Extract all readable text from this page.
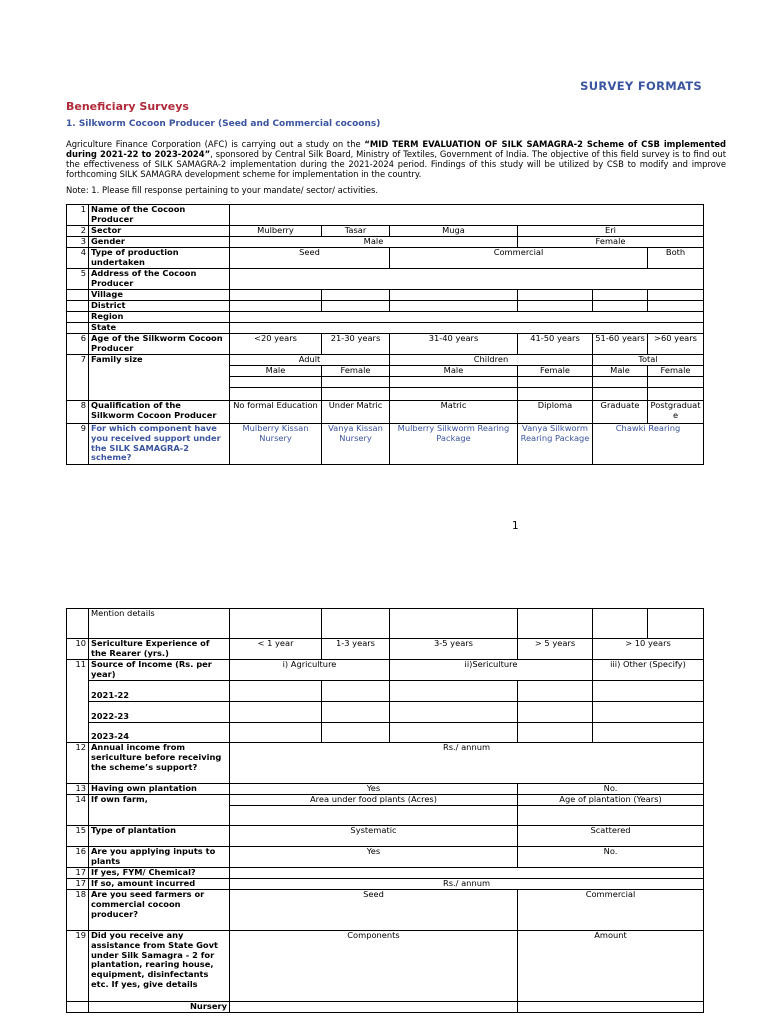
SURVEY FORMATS
Beneficiary Surveys
1. Silkworm Cocoon Producer (Seed and Commercial cocoons)
Agriculture Finance Corporation (AFC) is carrying out a study on the “MID TERM EVALUATION OF SILK SAMAGRA-2 Scheme of CSB implemented during 2021-22 to 2023-2024”, sponsored by Central Silk Board, Ministry of Textiles, Government of India. The objective of this field survey is to find out the effectiveness of SILK SAMAGRA-2 implementation during the 2021-2024 period. Findings of this study will be utilized by CSB to modify and improve forthcoming SILK SAMAGRA development scheme for implementation in the country.
Note: 1. Please fill response pertaining to your mandate/ sector/ activities.
1	Name of the Cocoon Producer						
2	Sector	Mulberry	Tasar	Muga	Eri		
3	Gender	Male			Female		
4	Type of production undertaken	Seed		Commercial			Both
5	Address of the Cocoon Producer						
	Village						
	District						
	Region						
	State						
6	Age of the Silkworm Cocoon Producer	<20 years	21-30 years	31-40 years	41-50 years	51-60 years	>60 years
7	Family size	Adult		Children		Total	
		Male	Female	Male	Female	Male	Female

8	Qualification of the Silkworm Cocoon Producer	No formal Education	Under Matric	Matric	Diploma	Graduate	Postgraduate
9	For which component have you received support under the SILK SAMAGRA-2 scheme?	Mulberry Kissan Nursery	Vanya Kissan Nursery	Mulberry Silkworm Rearing Package	Vanya Silkworm Rearing Package	Chawki Rearing	
1
	Mention details						
10	Sericulture Experience of the Rearer (yrs.)	< 1 year	1-3 years	3-5 years	> 5 years	> 10 years	
11	Source of Income (Rs. per year)	i) Agriculture		ii)Sericulture		iii) Other (Specify)	
	2021-22						
	2022-23						
	2023-24						
12	Annual income from sericulture before receiving the scheme’s support?	Rs./ annum					
13	Having own plantation	Yes			No.		
14	If own farm,	Area under food plants (Acres)			Age of plantation (Years)		

15	Type of plantation	Systematic			Scattered		
16	Are you applying inputs to plants	Yes			No.		
17	If yes, FYM/ Chemical?						
17	If so, amount incurred	Rs./ annum					
18	Are you seed farmers or commercial cocoon producer?	Seed			Commercial		
19	Did you receive any assistance from State Govt under Silk Samagra - 2 for plantation, rearing house, equipment, disinfectants etc. If yes, give details	Components			Amount		
	Nursery						
